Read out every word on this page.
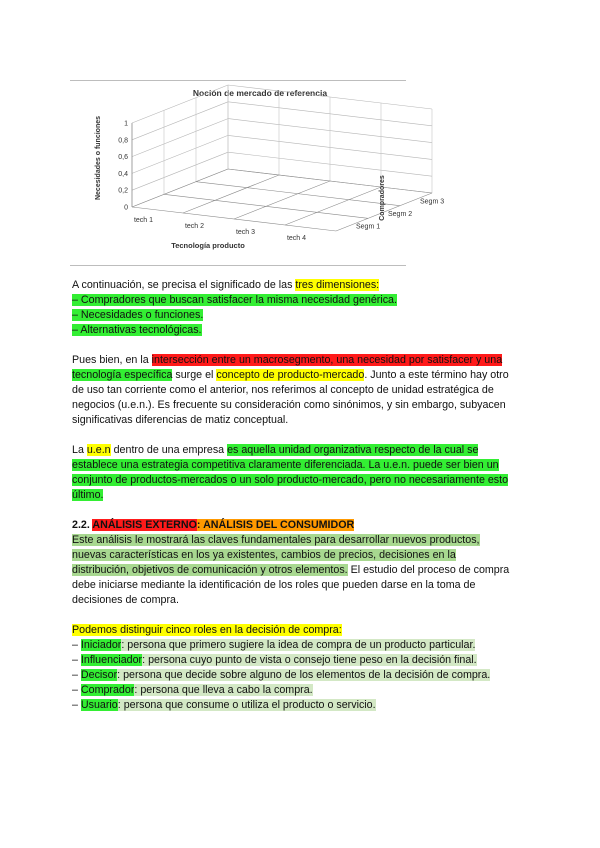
Noción de mercado de referencia
0
0,2
0,4
0,6
0,8
1
tech 1
tech 2
tech 3
tech 4
Segm 1
Segm 2
Segm 3
Tecnología producto
Necesidades o funciones	Compradores

A continuación, se precisa el significado de las tres dimensiones:

– Compradores que buscan satisfacer la misma necesidad genérica.

– Necesidades o funciones.

– Alternativas tecnológicas.

Pues bien, en la intersección entre un macrosegmento, una necesidad por satisfacer y una
tecnología específica surge el concepto de producto-mercado. Junto a este término hay otro
de uso tan corriente como el anterior, nos referimos al concepto de unidad estratégica de
negocios (u.e.n.). Es frecuente su consideración como sinónimos, y sin embargo, subyacen
significativas diferencias de matiz conceptual.

La u.e.n dentro de una empresa es aquella unidad organizativa respecto de la cual se
establece una estrategia competitiva claramente diferenciada. La u.e.n. puede ser bien un
conjunto de productos-mercados o un solo producto-mercado, pero no necesariamente esto
último.

2.2. ANÁLISIS EXTERNO: ANÁLISIS DEL CONSUMIDOR

Este análisis le mostrará las claves fundamentales para desarrollar nuevos productos,
nuevas características en los ya existentes, cambios de precios, decisiones en la
distribución, objetivos de comunicación y otros elementos. El estudio del proceso de compra
debe iniciarse mediante la identificación de los roles que pueden darse en la toma de
decisiones de compra.

Podemos distinguir cinco roles en la decisión de compra:

– Iniciador: persona que primero sugiere la idea de compra de un producto particular.

– Influenciador: persona cuyo punto de vista o consejo tiene peso en la decisión final.

– Decisor: persona que decide sobre alguno de los elementos de la decisión de compra.

– Comprador: persona que lleva a cabo la compra.

– Usuario: persona que consume o utiliza el producto o servicio.
